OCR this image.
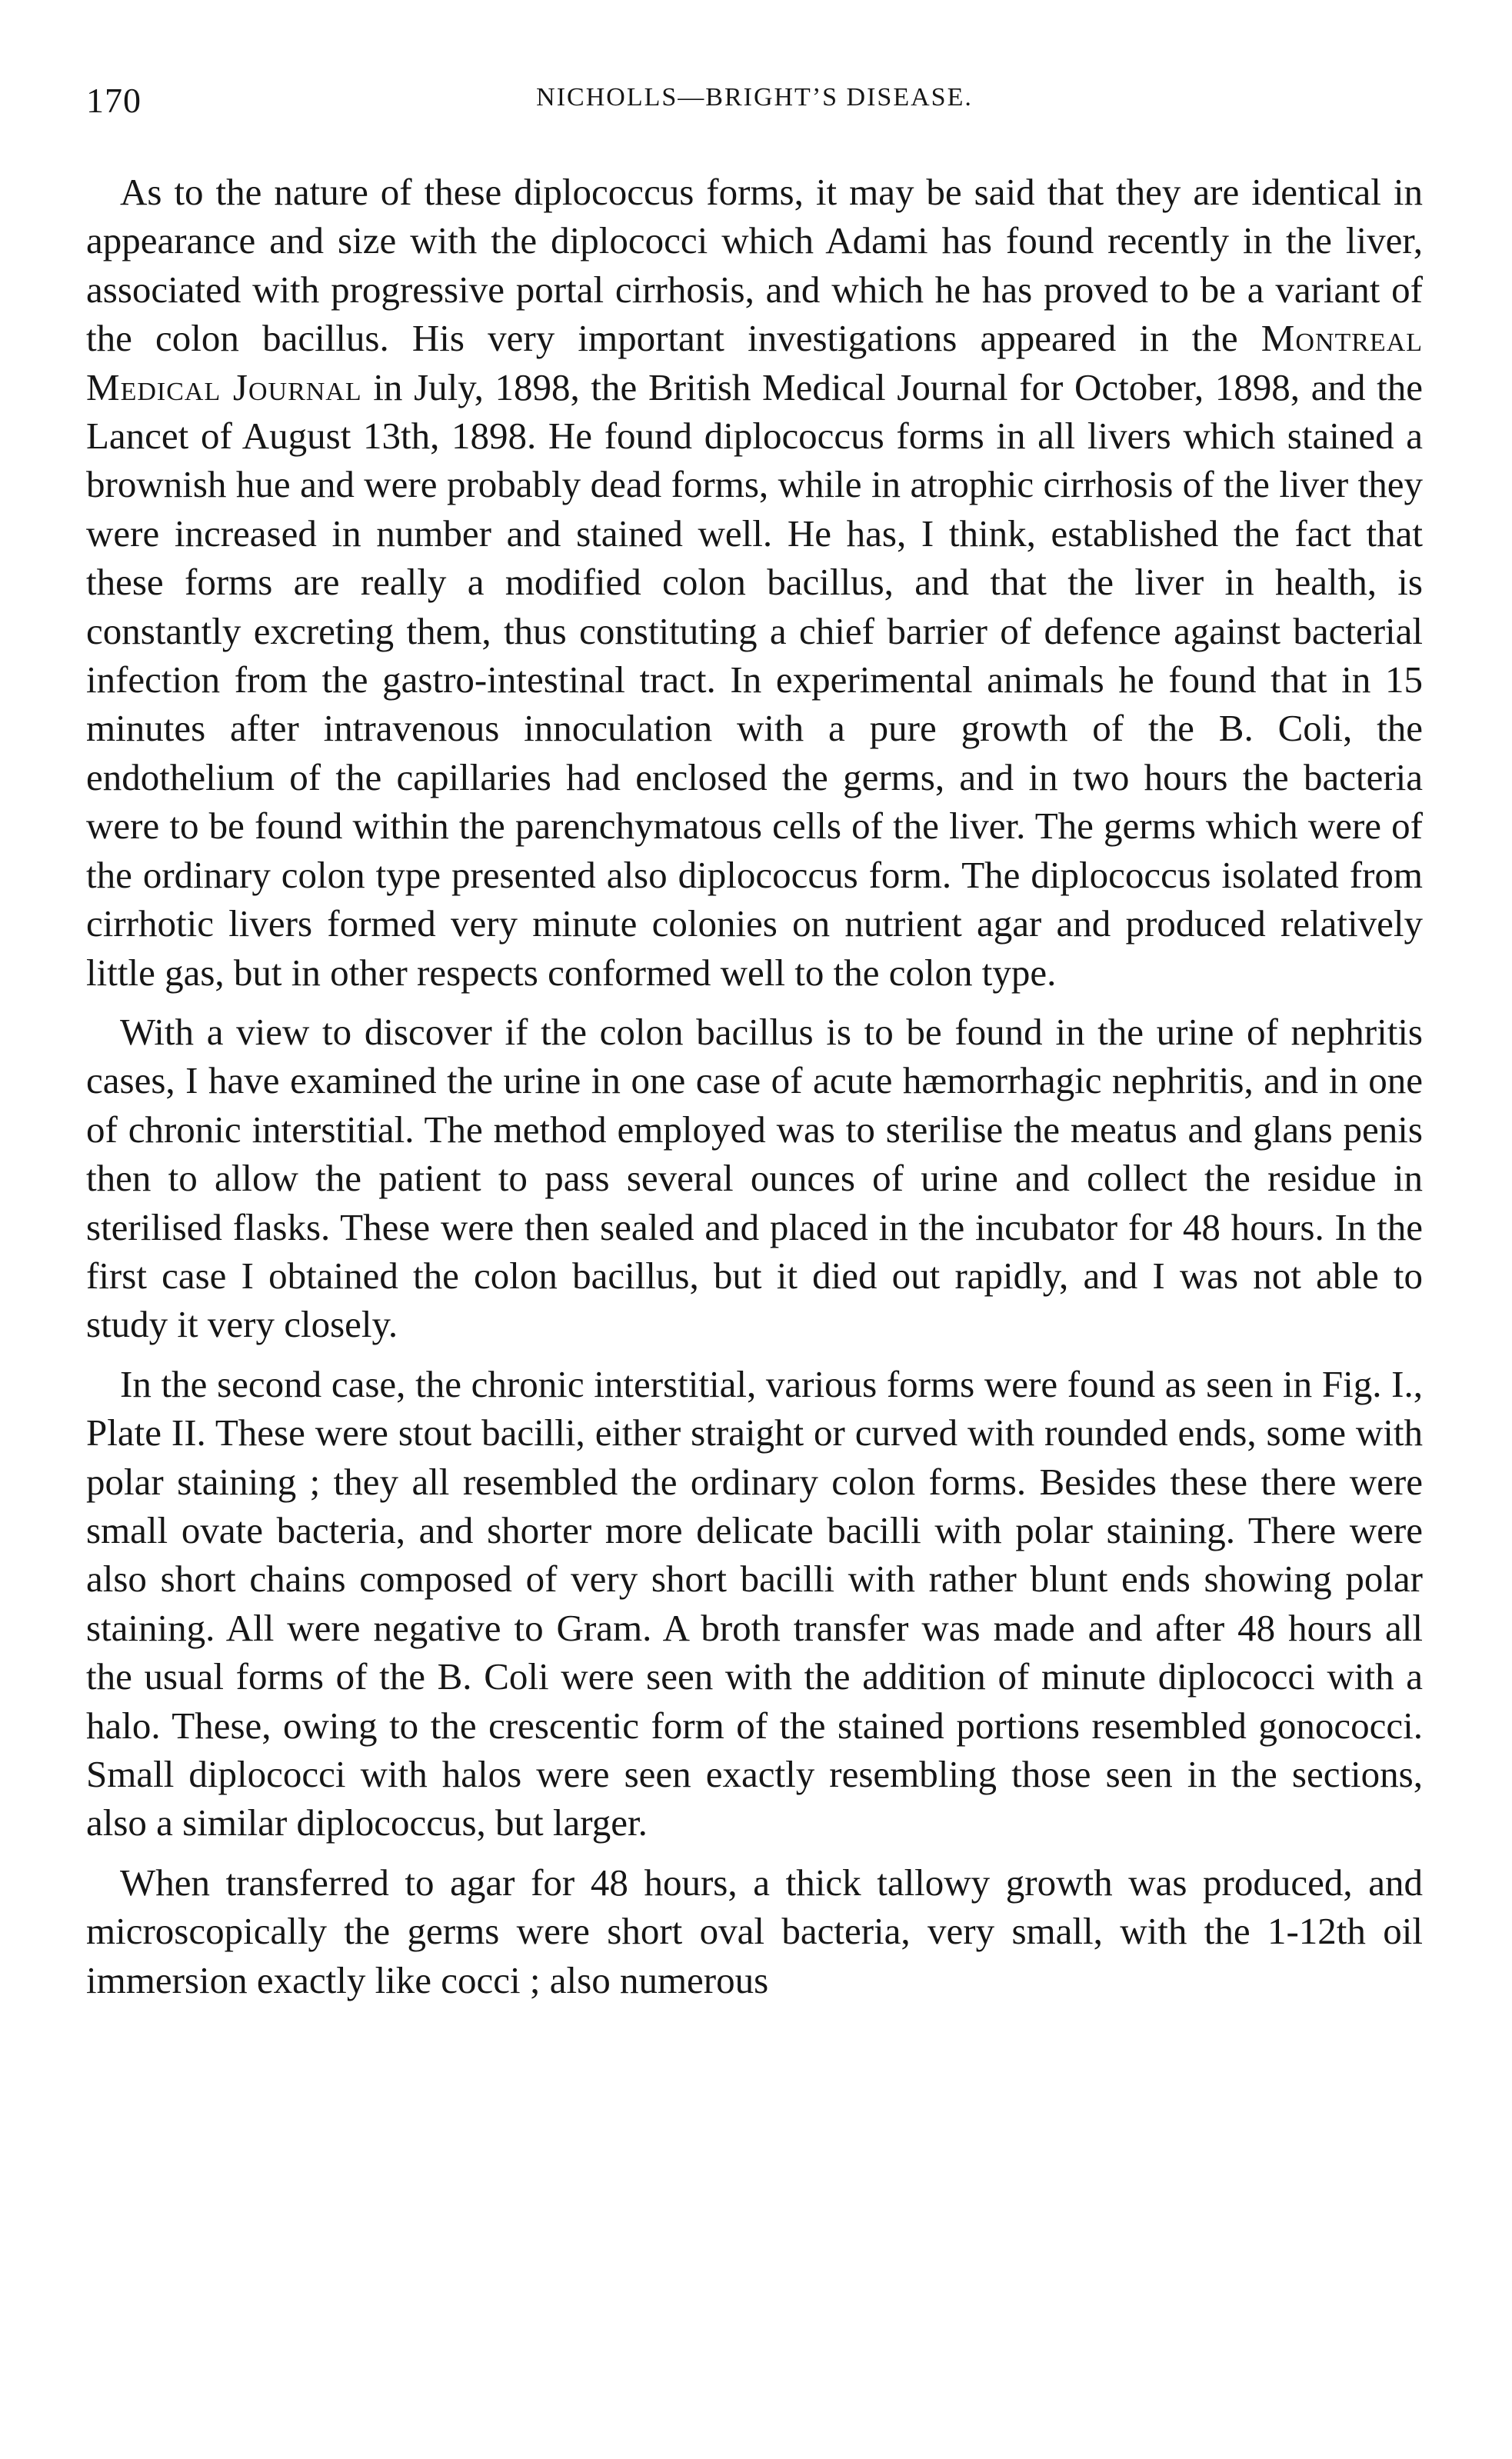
170	NICHOLLS—BRIGHT’S DISEASE.

As to the nature of these diplococcus forms, it may be said that they are identical in appearance and size with the diplococci which Adami has found recently in the liver, associated with progressive portal cirrhosis, and which he has proved to be a variant of the colon bacillus. His very important investigations appeared in the Montreal Medical Journal in July, 1898, the British Medical Journal for October, 1898, and the Lancet of August 13th, 1898. He found diplococcus forms in all livers which stained a brownish hue and were probably dead forms, while in atrophic cirrhosis of the liver they were increased in number and stained well. He has, I think, established the fact that these forms are really a modified colon bacillus, and that the liver in health, is constantly excreting them, thus constituting a chief barrier of defence against bacterial infection from the gastro-intestinal tract. In experimental animals he found that in 15 minutes after intravenous innoculation with a pure growth of the B. Coli, the endothelium of the capillaries had enclosed the germs, and in two hours the bacteria were to be found within the parenchymatous cells of the liver. The germs which were of the ordinary colon type presented also diplococcus form. The diplococcus isolated from cirrhotic livers formed very minute colonies on nutrient agar and produced relatively little gas, but in other respects conformed well to the colon type.

With a view to discover if the colon bacillus is to be found in the urine of nephritis cases, I have examined the urine in one case of acute hæmorrhagic nephritis, and in one of chronic interstitial. The method employed was to sterilise the meatus and glans penis then to allow the patient to pass several ounces of urine and collect the residue in sterilised flasks. These were then sealed and placed in the incubator for 48 hours. In the first case I obtained the colon bacillus, but it died out rapidly, and I was not able to study it very closely.

In the second case, the chronic interstitial, various forms were found as seen in Fig. I., Plate II. These were stout bacilli, either straight or curved with rounded ends, some with polar staining ; they all resembled the ordinary colon forms. Besides these there were small ovate bacteria, and shorter more delicate bacilli with polar staining. There were also short chains composed of very short bacilli with rather blunt ends showing polar staining. All were negative to Gram. A broth transfer was made and after 48 hours all the usual forms of the B. Coli were seen with the addition of minute diplococci with a halo. These, owing to the crescentic form of the stained portions resembled gonococci. Small diplococci with halos were seen exactly resembling those seen in the sections, also a similar diplococcus, but larger.

When transferred to agar for 48 hours, a thick tallowy growth was produced, and microscopically the germs were short oval bacteria, very small, with the 1-12th oil immersion exactly like cocci ; also numerous
